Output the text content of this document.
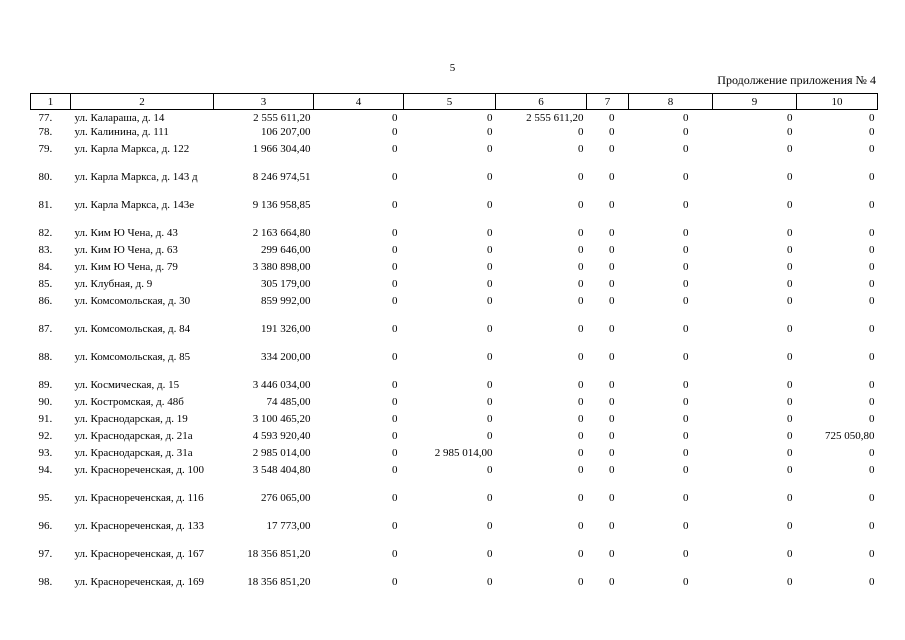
5
Продолжение приложения № 4
1	2	3	4	5	6	7	8	9	10
77.	ул. Калараша, д. 14	2 555 611,20	0	0	2 555 611,20	0	0	0	0
78.	ул. Калинина, д. 111	106 207,00	0	0	0	0	0	0	0
79.	ул. Карла Маркса, д. 122	1 966 304,40	0	0	0	0	0	0	0
80.	ул. Карла Маркса, д. 143 д	8 246 974,51	0	0	0	0	0	0	0
81.	ул. Карла Маркса, д. 143е	9 136 958,85	0	0	0	0	0	0	0
82.	ул. Ким Ю Чена, д. 43	2 163 664,80	0	0	0	0	0	0	0
83.	ул. Ким Ю Чена, д. 63	299 646,00	0	0	0	0	0	0	0
84.	ул. Ким Ю Чена, д. 79	3 380 898,00	0	0	0	0	0	0	0
85.	ул. Клубная, д. 9	305 179,00	0	0	0	0	0	0	0
86.	ул. Комсомольская, д. 30	859 992,00	0	0	0	0	0	0	0
87.	ул. Комсомольская, д. 84	191 326,00	0	0	0	0	0	0	0
88.	ул. Комсомольская, д. 85	334 200,00	0	0	0	0	0	0	0
89.	ул. Космическая, д. 15	3 446 034,00	0	0	0	0	0	0	0
90.	ул. Костромская, д. 48б	74 485,00	0	0	0	0	0	0	0
91.	ул. Краснодарская, д. 19	3 100 465,20	0	0	0	0	0	0	0
92.	ул. Краснодарская, д. 21а	4 593 920,40	0	0	0	0	0	0	725 050,80
93.	ул. Краснодарская, д. 31а	2 985 014,00	0	2 985 014,00	0	0	0	0	0
94.	ул. Краснореченская, д. 100	3 548 404,80	0	0	0	0	0	0	0
95.	ул. Краснореченская, д. 116	276 065,00	0	0	0	0	0	0	0
96.	ул. Краснореченская, д. 133	17 773,00	0	0	0	0	0	0	0
97.	ул. Краснореченская, д. 167	18 356 851,20	0	0	0	0	0	0	0
98.	ул. Краснореченская, д. 169	18 356 851,20	0	0	0	0	0	0	0
